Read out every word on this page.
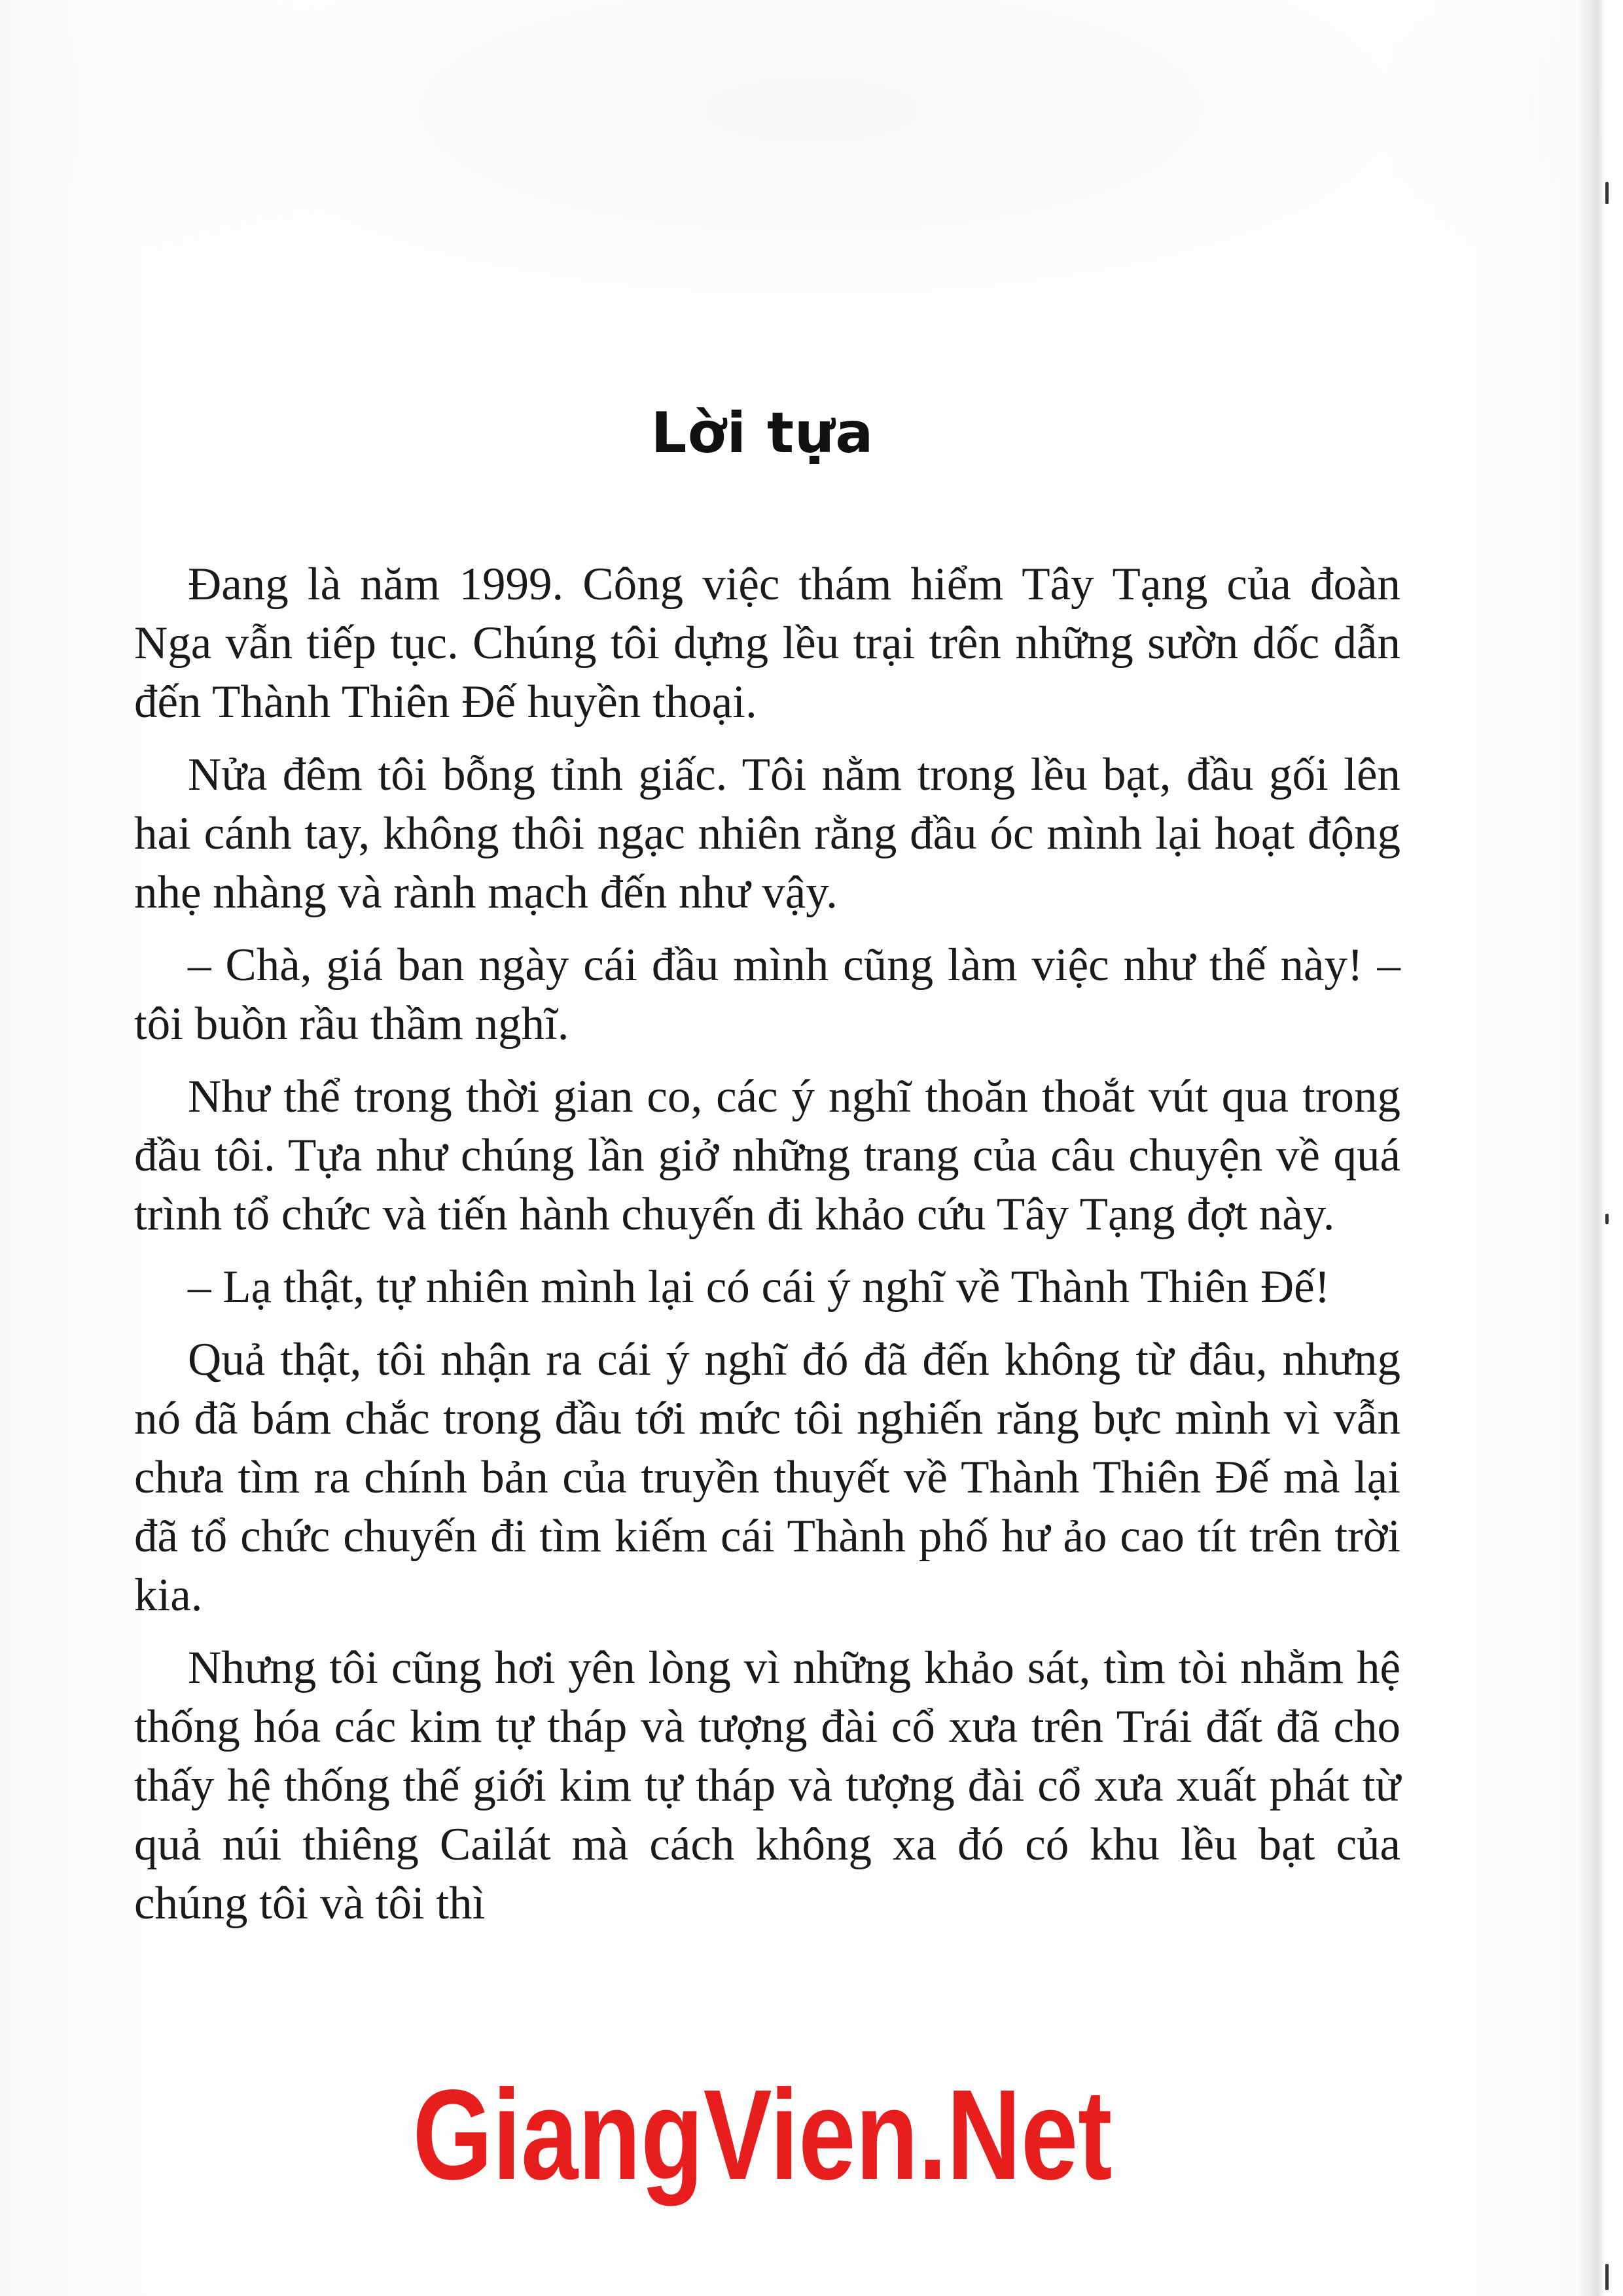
Lời tựa

Đang là năm 1999. Công việc thám hiểm Tây Tạng của đoàn Nga vẫn tiếp tục. Chúng tôi dựng lều trại trên những sườn dốc dẫn đến Thành Thiên Đế huyền thoại.

Nửa đêm tôi bỗng tỉnh giấc. Tôi nằm trong lều bạt, đầu gối lên hai cánh tay, không thôi ngạc nhiên rằng đầu óc mình lại hoạt động nhẹ nhàng và rành mạch đến như vậy.

– Chà, giá ban ngày cái đầu mình cũng làm việc như thế này! – tôi buồn rầu thầm nghĩ.

Như thể trong thời gian co, các ý nghĩ thoăn thoắt vút qua trong đầu tôi. Tựa như chúng lần giở những trang của câu chuyện về quá trình tổ chức và tiến hành chuyến đi khảo cứu Tây Tạng đợt này.

– Lạ thật, tự nhiên mình lại có cái ý nghĩ về Thành Thiên Đế!

Quả thật, tôi nhận ra cái ý nghĩ đó đã đến không từ đâu, nhưng nó đã bám chắc trong đầu tới mức tôi nghiến răng bực mình vì vẫn chưa tìm ra chính bản của truyền thuyết về Thành Thiên Đế mà lại đã tổ chức chuyến đi tìm kiếm cái Thành phố hư ảo cao tít trên trời kia.

Nhưng tôi cũng hơi yên lòng vì những khảo sát, tìm tòi nhằm hệ thống hóa các kim tự tháp và tượng đài cổ xưa trên Trái đất đã cho thấy hệ thống thế giới kim tự tháp và tượng đài cổ xưa xuất phát từ quả núi thiêng Cailát mà cách không xa đó có khu lều bạt của chúng tôi và tôi thì

GiangVien.Net
